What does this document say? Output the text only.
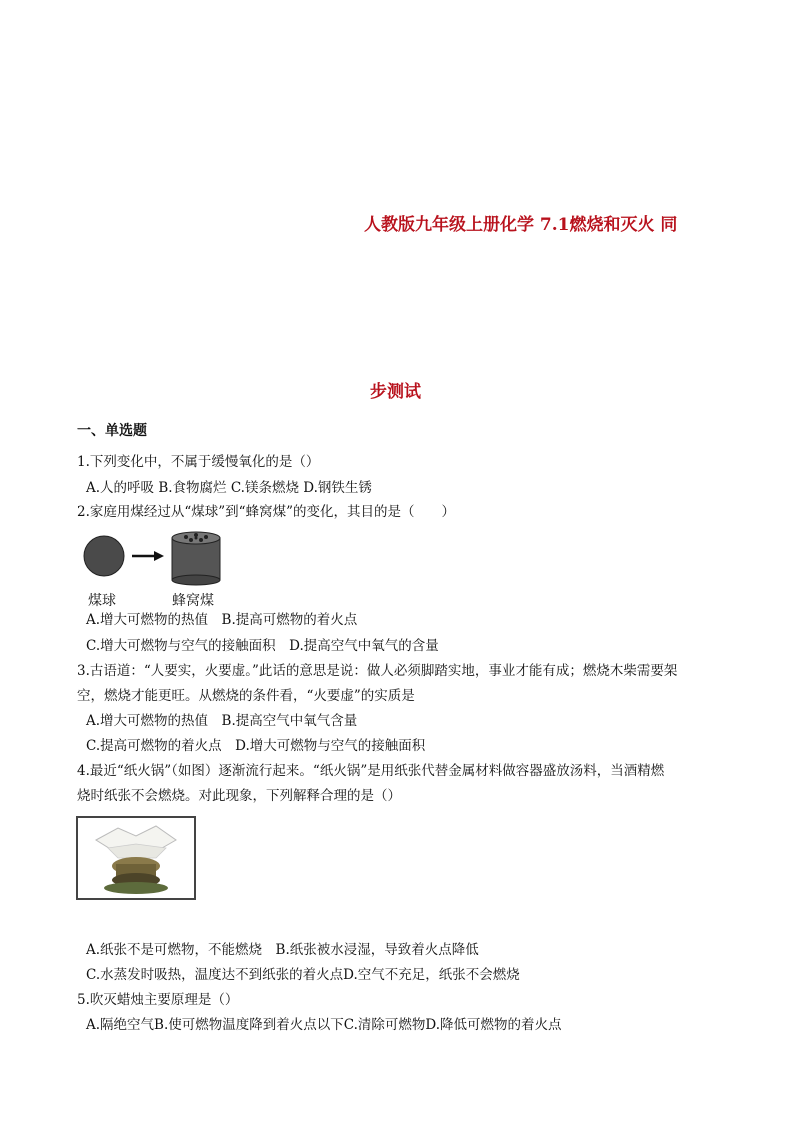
人教版九年级上册化学 7.1燃烧和灭火 同
步测试
一、单选题
1.下列变化中，不属于缓慢氧化的是（）
A.人的呼吸 B.食物腐烂 C.镁条燃烧 D.钢铁生锈
2.家庭用煤经过从“煤球”到“蜂窝煤”的变化，其目的是（　　）
煤球	蜂窝煤
A.增大可燃物的热值　B.提高可燃物的着火点
C.增大可燃物与空气的接触面积　D.提高空气中氧气的含量
3.古语道：“人要实，火要虚。”此话的意思是说：做人必须脚踏实地，事业才能有成；燃烧木柴需要架
空，燃烧才能更旺。从燃烧的条件看，“火要虚”的实质是
A.增大可燃物的热值　B.提高空气中氧气含量
C.提高可燃物的着火点　D.增大可燃物与空气的接触面积
4.最近“纸火锅”（如图）逐渐流行起来。“纸火锅”是用纸张代替金属材料做容器盛放汤料，当酒精燃
烧时纸张不会燃烧。对此现象，下列解释合理的是（）
A.纸张不是可燃物，不能燃烧　B.纸张被水浸湿，导致着火点降低
C.水蒸发时吸热，温度达不到纸张的着火点D.空气不充足，纸张不会燃烧
5.吹灭蜡烛主要原理是（）
A.隔绝空气B.使可燃物温度降到着火点以下C.清除可燃物D.降低可燃物的着火点
